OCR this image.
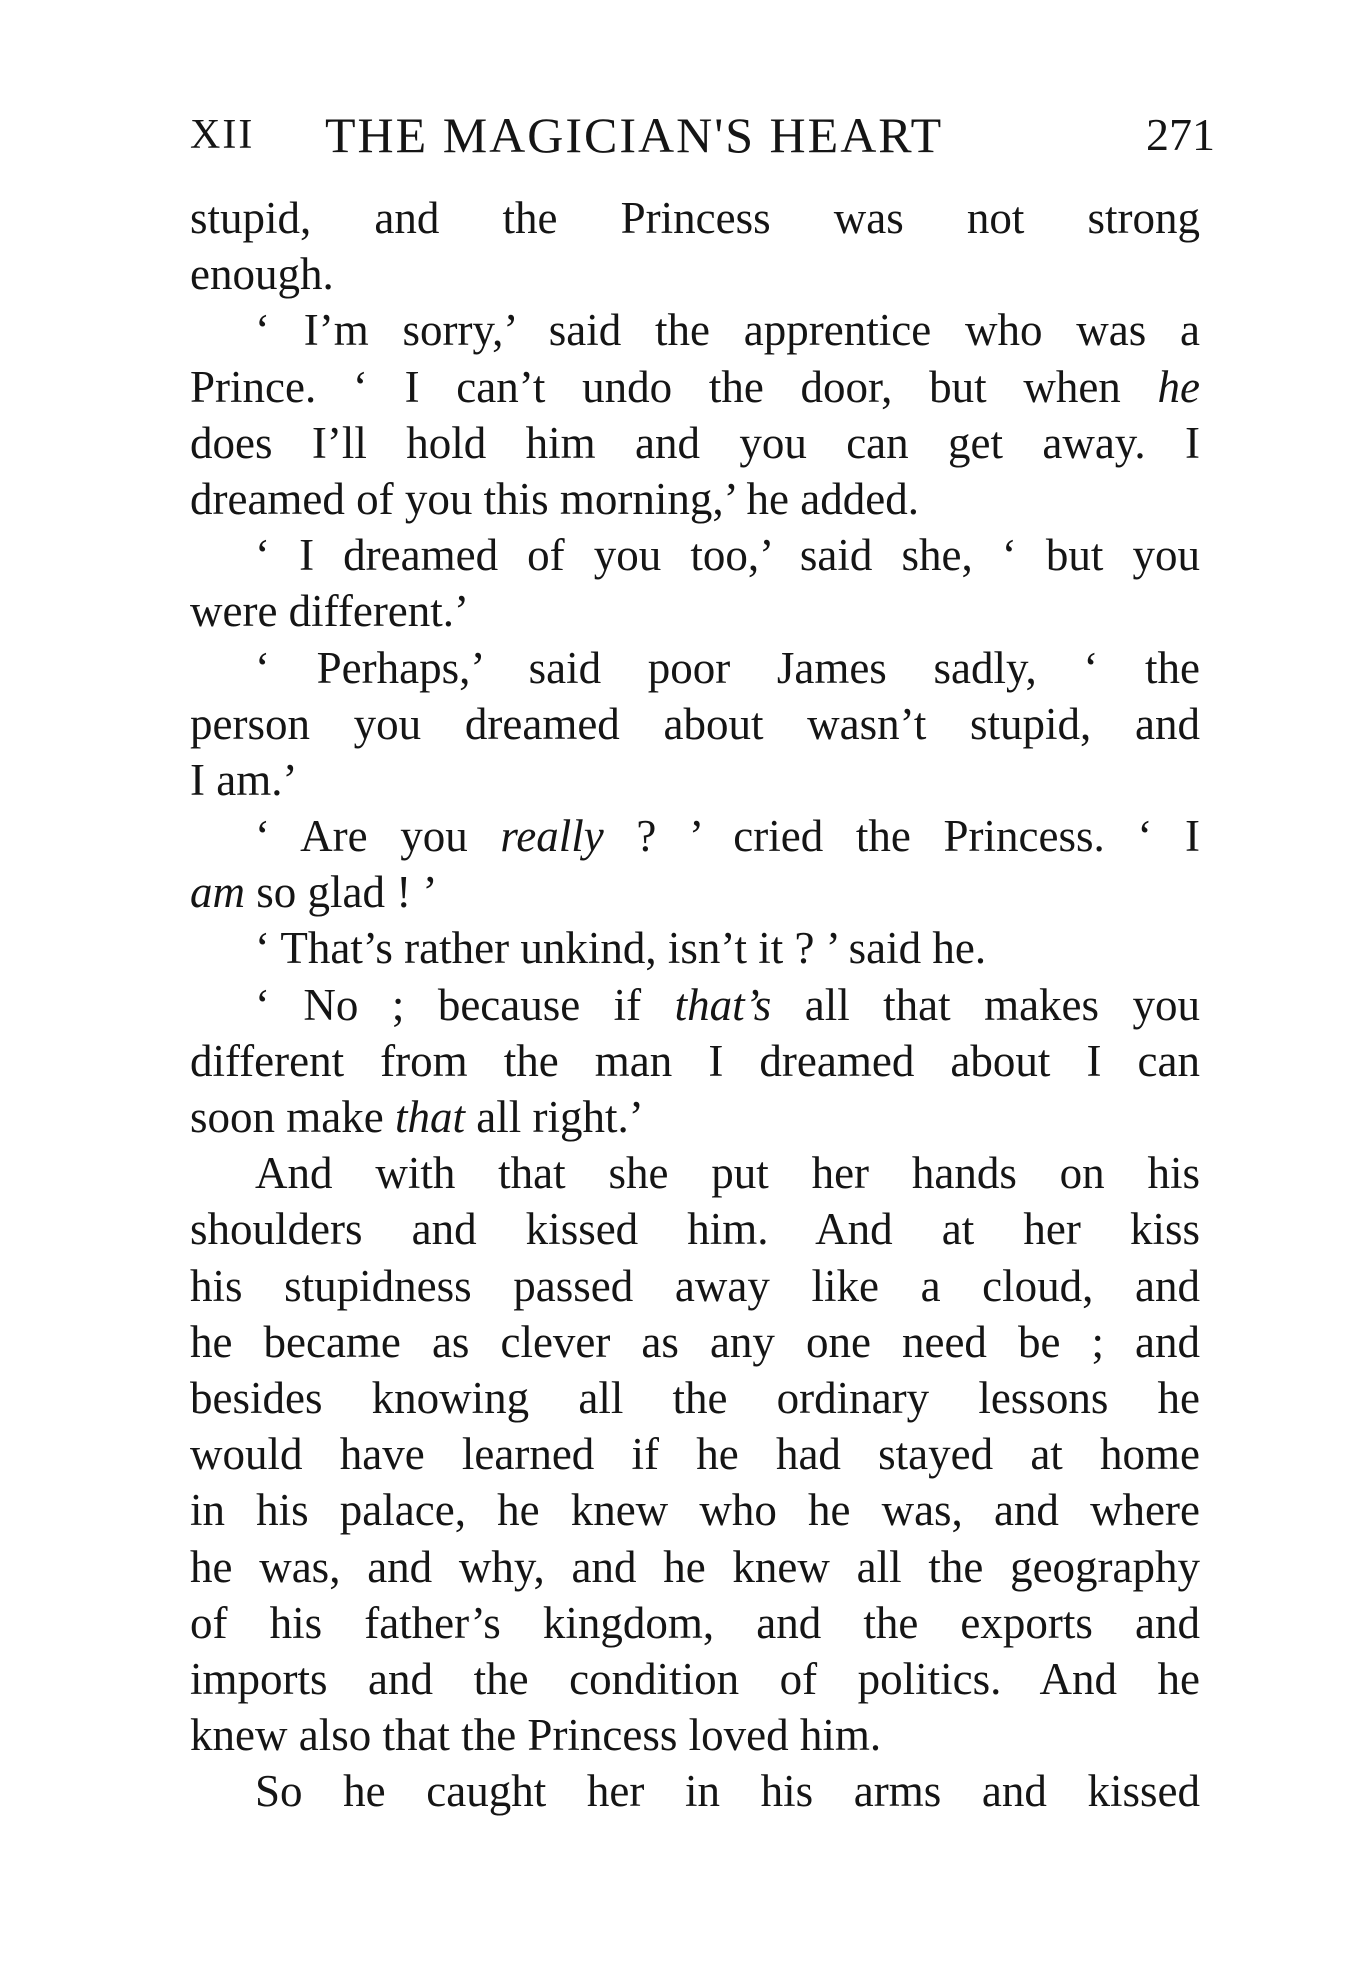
XII THE MAGICIAN'S HEART	271
stupid, and the Princess was not strong
enough.
‘ I’m sorry,’ said the apprentice who was a
Prince. ‘ I can’t undo the door, but when he
does I’ll hold him and you can get away. I
dreamed of you this morning,’ he added.
‘ I dreamed of you too,’ said she, ‘ but you
were different.’
‘ Perhaps,’ said poor James sadly, ‘ the
person you dreamed about wasn’t stupid, and
I am.’
‘ Are you really ? ’ cried the Princess. ‘ I
am so glad ! ’
‘ That’s rather unkind, isn’t it ? ’ said he.
‘ No ; because if that’s all that makes you
different from the man I dreamed about I can
soon make that all right.’
And with that she put her hands on his
shoulders and kissed him. And at her kiss
his stupidness passed away like a cloud, and
he became as clever as any one need be ; and
besides knowing all the ordinary lessons he
would have learned if he had stayed at home
in his palace, he knew who he was, and where
he was, and why, and he knew all the geography
of his father’s kingdom, and the exports and
imports and the condition of politics. And he
knew also that the Princess loved him.
So he caught her in his arms and kissed
